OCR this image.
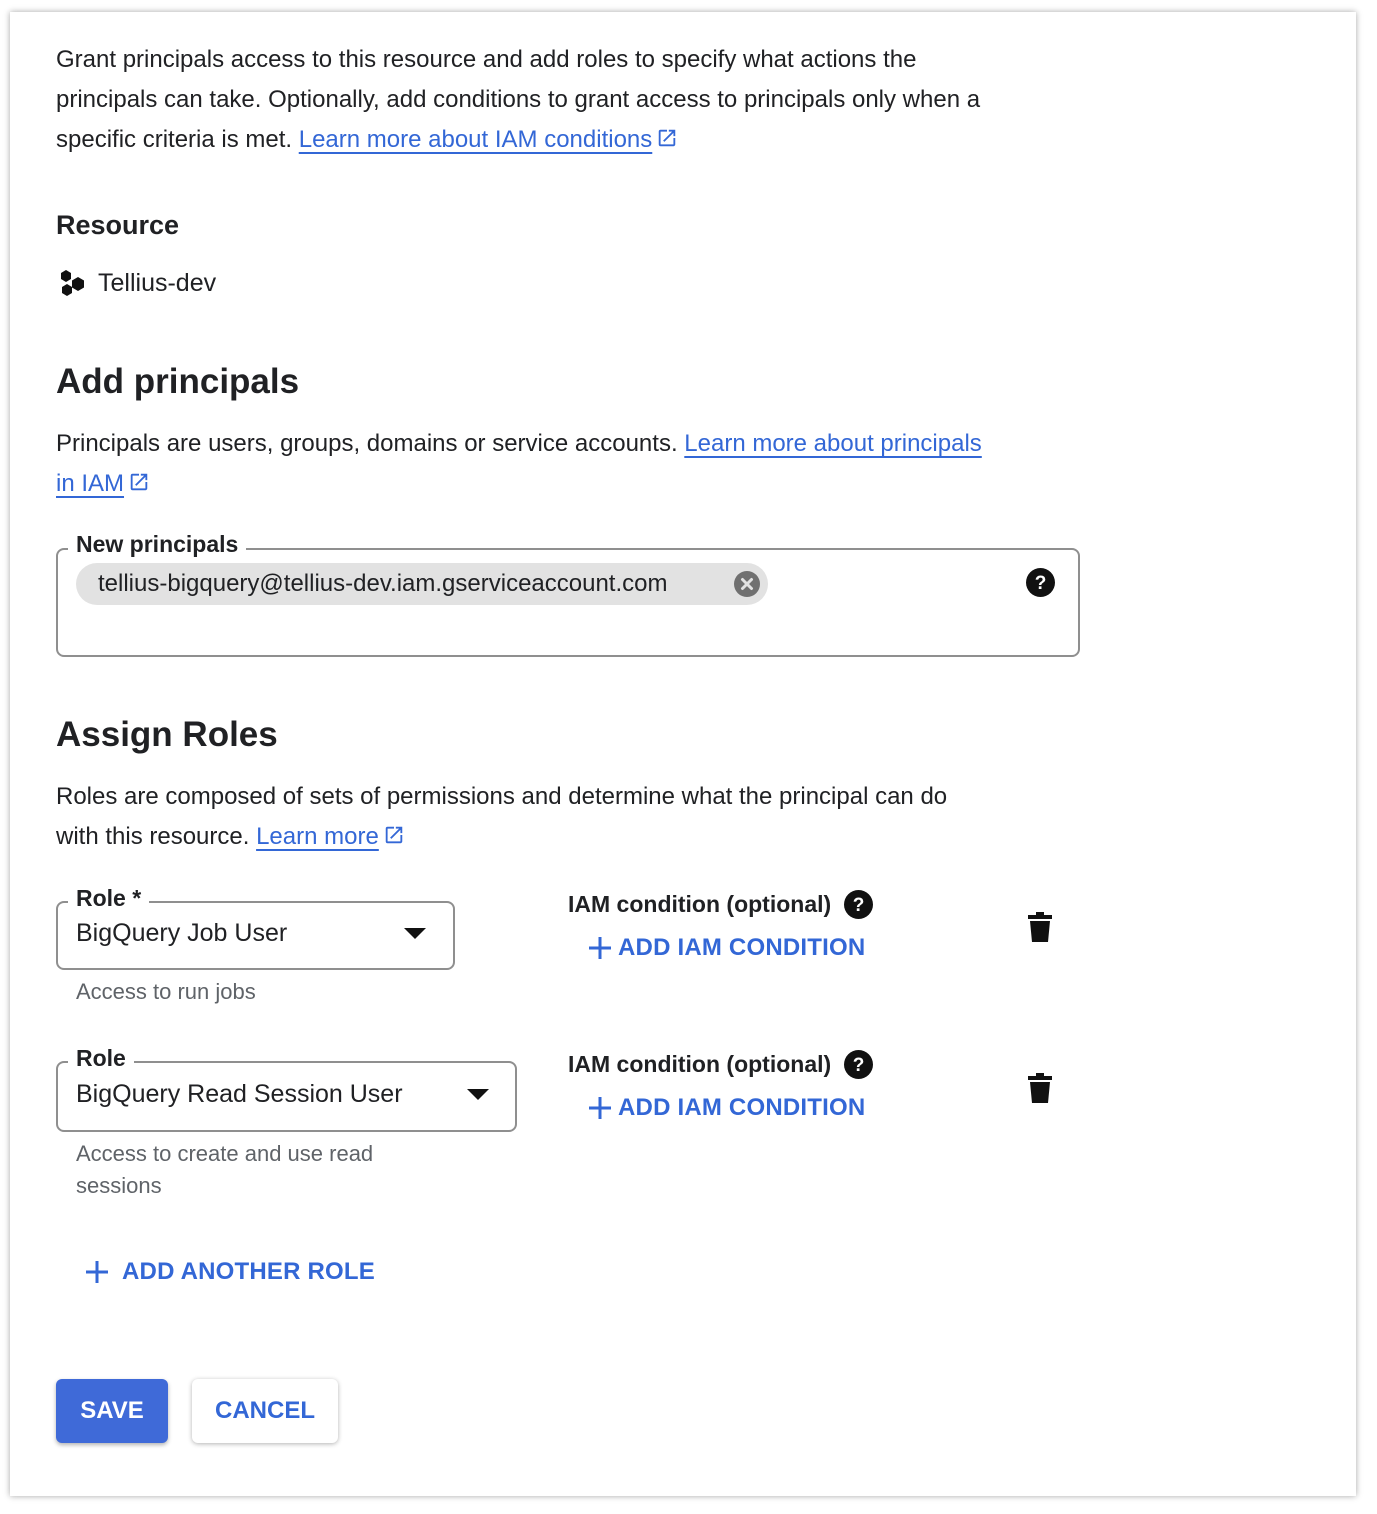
Grant principals access to this resource and add roles to specify what actions the
principals can take. Optionally, add conditions to grant access to principals only when a
specific criteria is met. Learn more about IAM conditions
Resource
Tellius-dev
Add principals
Principals are users, groups, domains or service accounts. Learn more about principals
in IAM
New principals
tellius-bigquery@tellius-dev.iam.gserviceaccount.com	?
Assign Roles
Roles are composed of sets of permissions and determine what the principal can do
with this resource. Learn more
Role *
BigQuery Job User
Access to run jobs
IAM condition (optional) ?
ADD IAM CONDITION
Role
BigQuery Read Session User
Access to create and use read
sessions
IAM condition (optional) ?
ADD IAM CONDITION
ADD ANOTHER ROLE
SAVE	CANCEL
